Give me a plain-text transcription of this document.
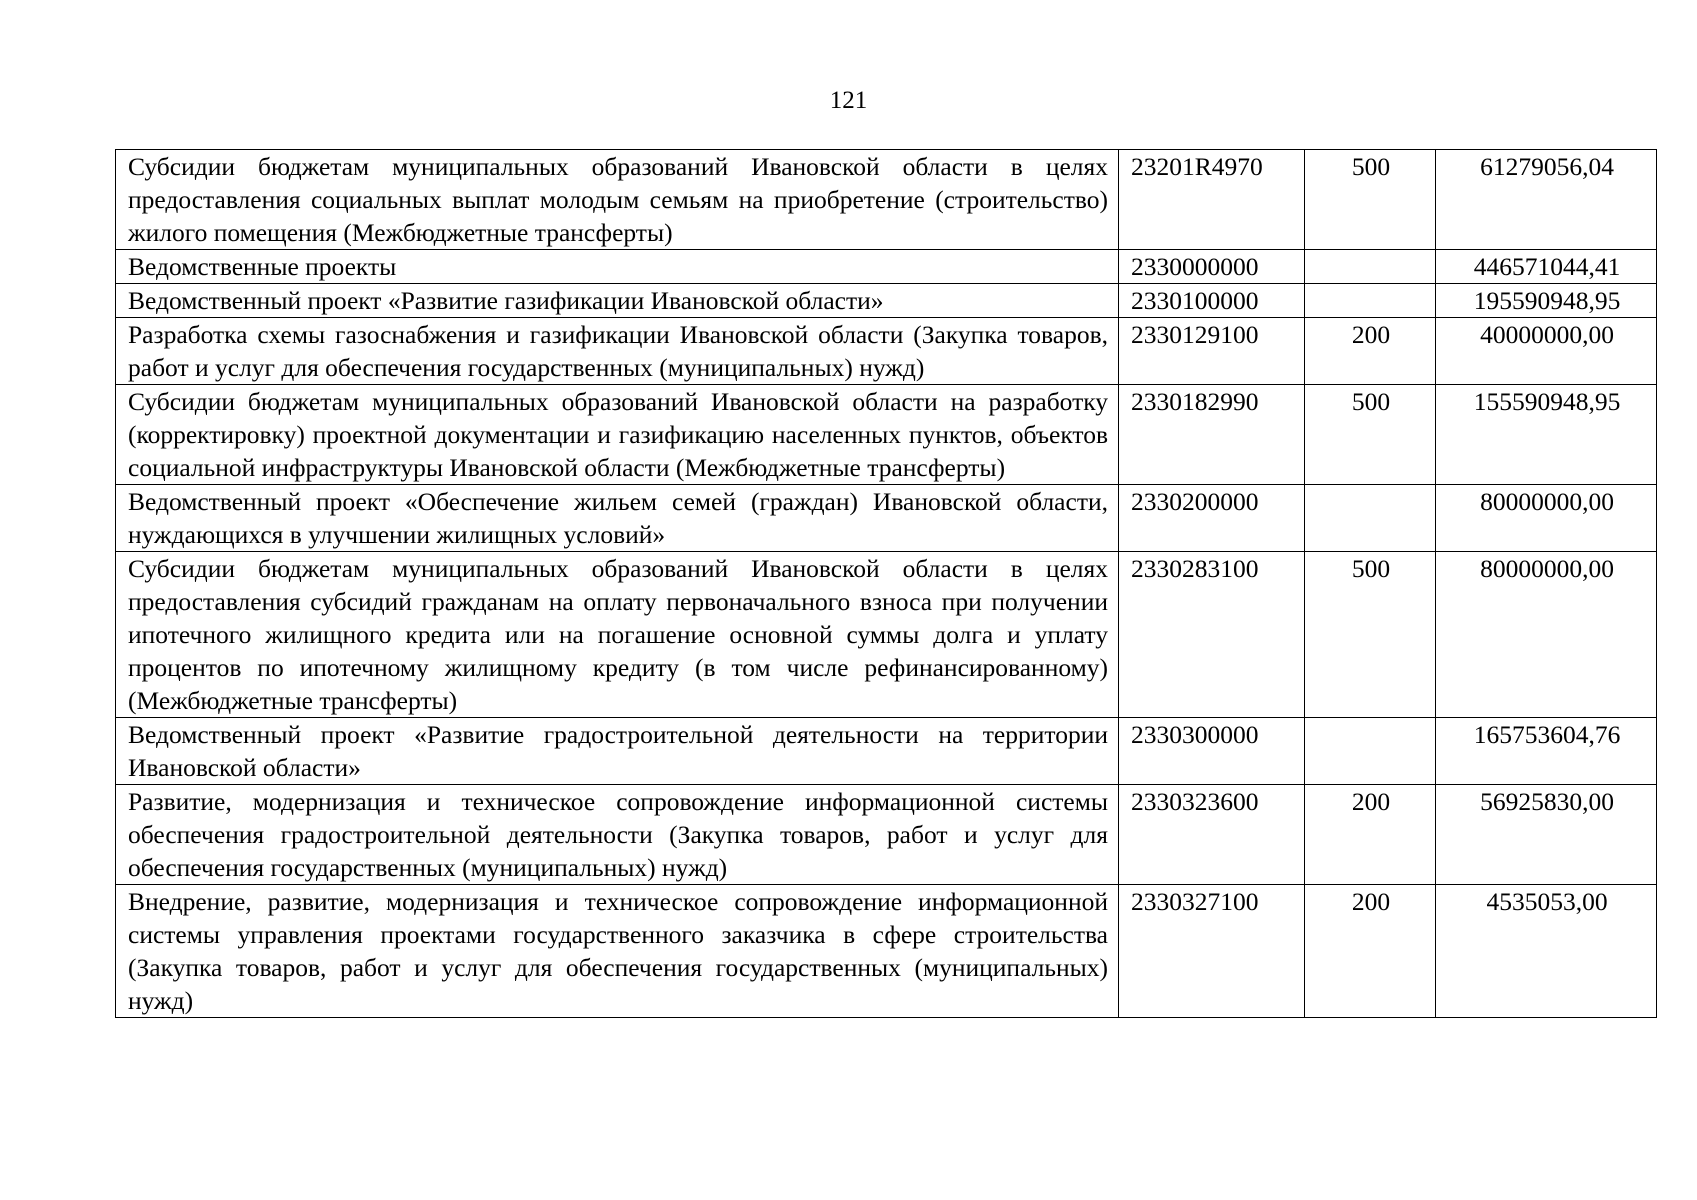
121
Субсидии бюджетам муниципальных образований Ивановской области в целях предоставления социальных выплат молодым семьям на приобретение (строительство) жилого помещения (Межбюджетные трансферты)	23201R4970	500	61279056,04
Ведомственные проекты	2330000000		446571044,41
Ведомственный проект «Развитие газификации Ивановской области»	2330100000		195590948,95
Разработка схемы газоснабжения и газификации Ивановской области (Закупка товаров, работ и услуг для обеспечения государственных (муниципальных) нужд)	2330129100	200	40000000,00
Субсидии бюджетам муниципальных образований Ивановской области на разработку (корректировку) проектной документации и газификацию населенных пунктов, объектов социальной инфраструктуры Ивановской области (Межбюджетные трансферты)	2330182990	500	155590948,95
Ведомственный проект «Обеспечение жильем семей (граждан) Ивановской области, нуждающихся в улучшении жилищных условий»	2330200000		80000000,00
Субсидии бюджетам муниципальных образований Ивановской области в целях предоставления субсидий гражданам на оплату первоначального взноса при получении ипотечного жилищного кредита или на погашение основной суммы долга и уплату процентов по ипотечному жилищному кредиту (в том числе рефинансированному) (Межбюджетные трансферты)	2330283100	500	80000000,00
Ведомственный проект «Развитие градостроительной деятельности на территории Ивановской области»	2330300000		165753604,76
Развитие, модернизация и техническое сопровождение информационной системы обеспечения градостроительной деятельности (Закупка товаров, работ и услуг для обеспечения государственных (муниципальных) нужд)	2330323600	200	56925830,00
Внедрение, развитие, модернизация и техническое сопровождение информационной системы управления проектами государственного заказчика в сфере строительства (Закупка товаров, работ и услуг для обеспечения государственных (муниципальных) нужд)	2330327100	200	4535053,00
